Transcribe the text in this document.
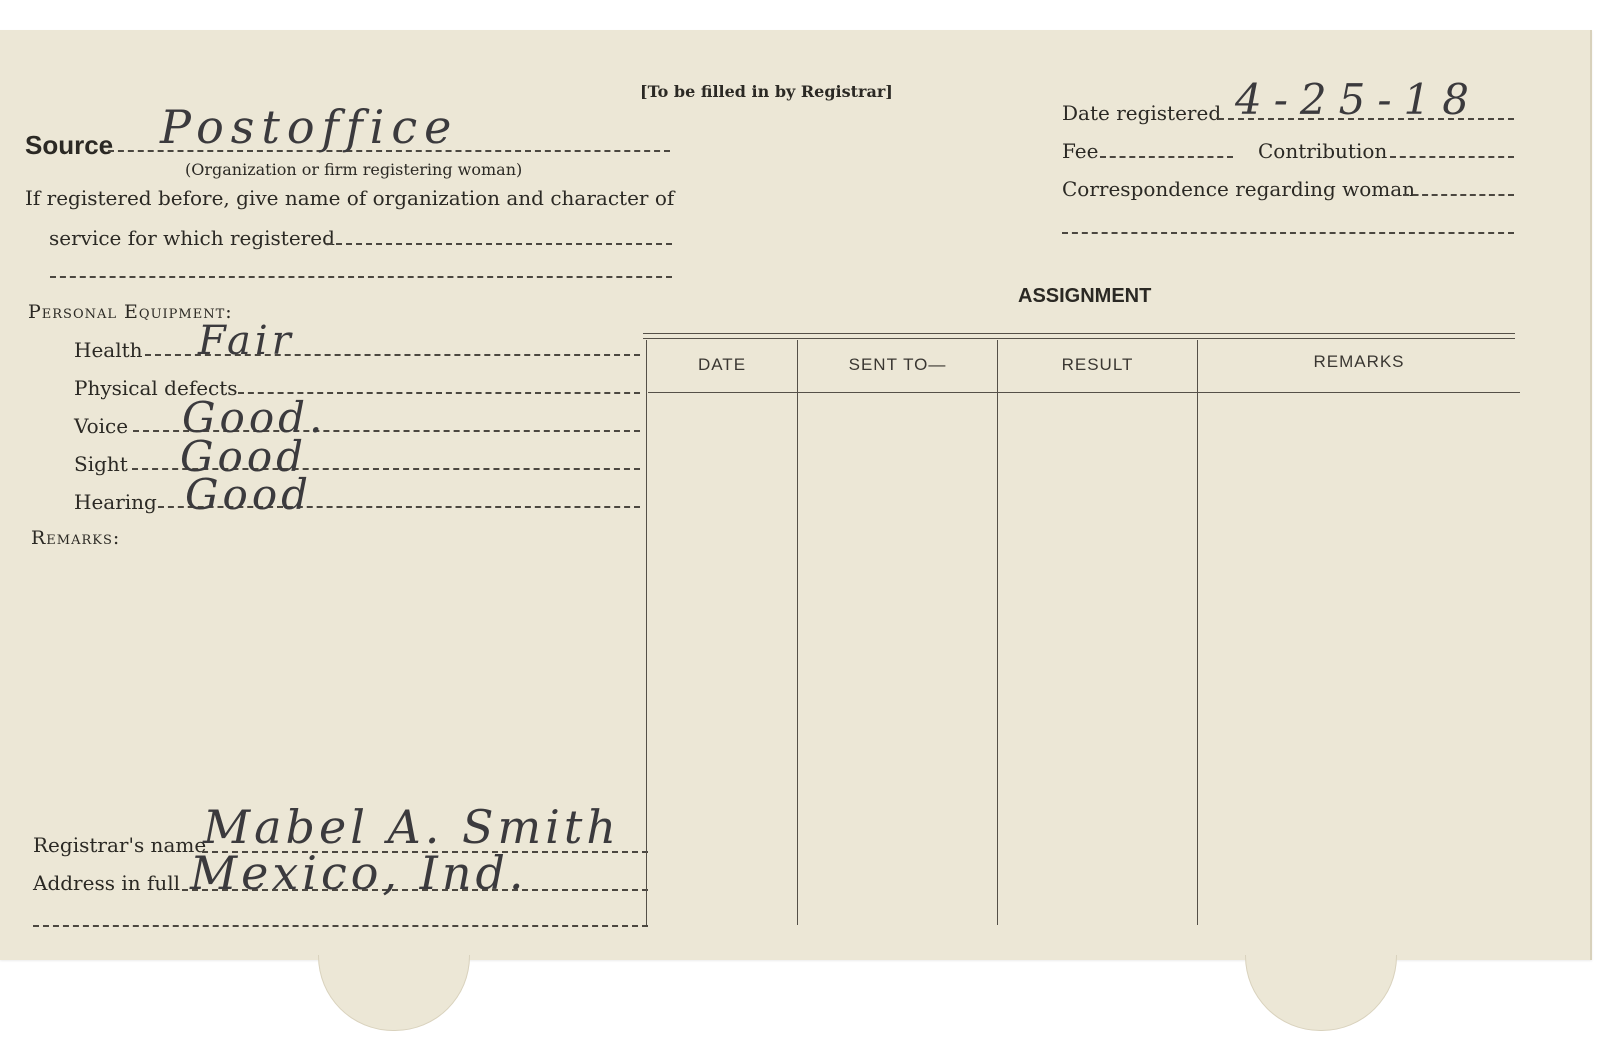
[To be filled in by Registrar]
Source Postoffice
(Organization or firm registering woman)
If registered before, give name of organization and character of
service for which registered
Personal Equipment:
Health Fair
Physical defects
Voice Good.
Sight Good
Hearing Good
Remarks:
Registrar's name
Mabel A. Smith
Address in full Mexico, Ind.
Date registered 4-25-18
Fee	Contribution
Correspondence regarding woman
ASSIGNMENT
DATE	SENT TO—	RESULT	REMARKS
